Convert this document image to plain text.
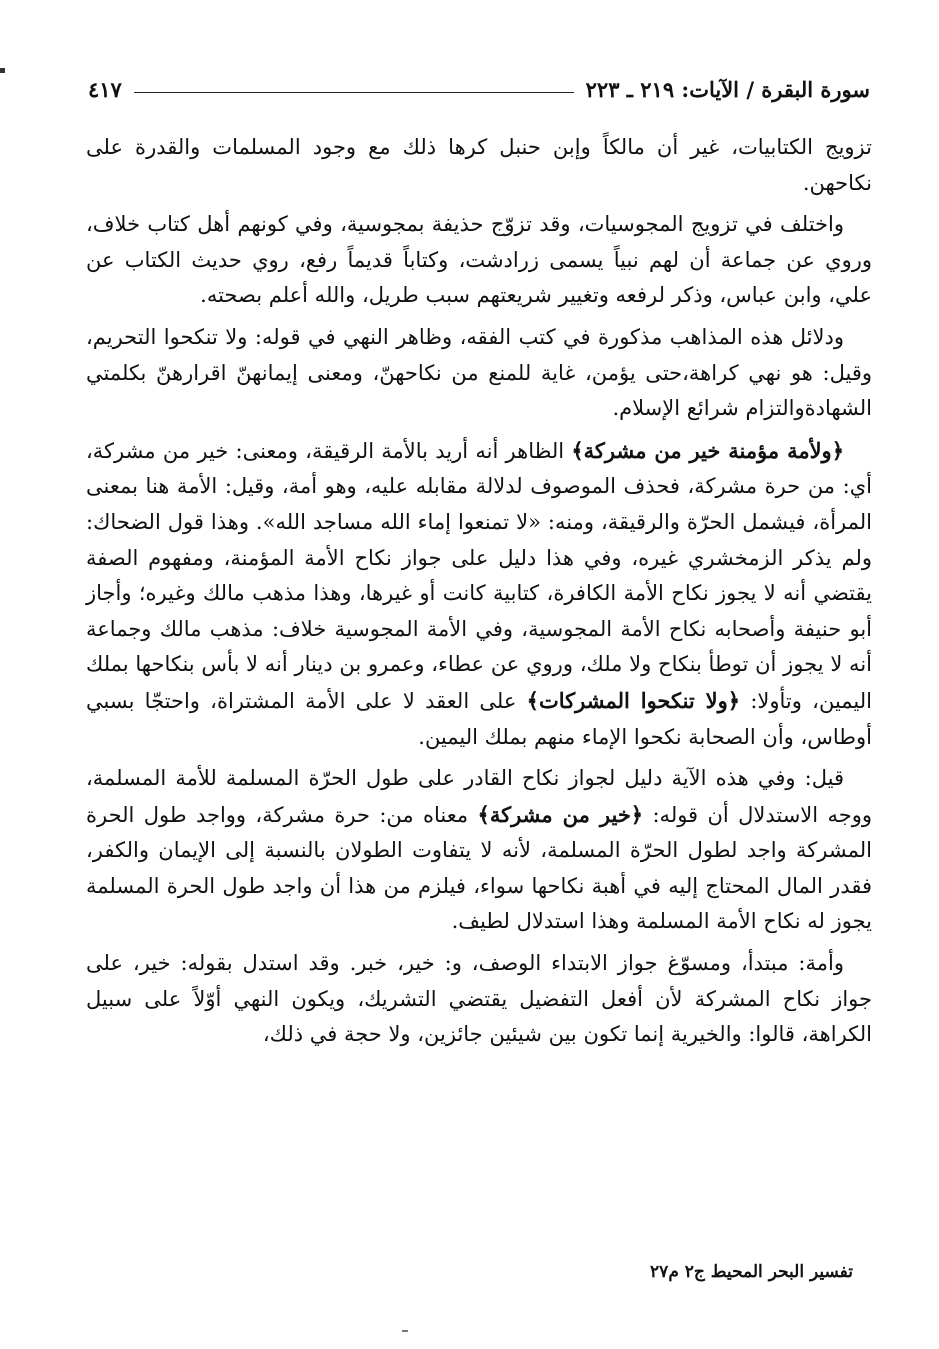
سورة البقرة / الآيات: ٢١٩ ـ ٢٢٣
٤١٧

تزويج الكتابيات، غير أن مالكاً وإبن حنبل كرها ذلك مع وجود المسلمات والقدرة على نكاحهن.

واختلف في تزويج المجوسيات، وقد تزوّج حذيفة بمجوسية، وفي كونهم أهل كتاب خلاف، وروي عن جماعة أن لهم نبياً يسمى زرادشت، وكتاباً قديماً رفع، روي حديث الكتاب عن علي، وابن عباس، وذكر لرفعه وتغيير شريعتهم سبب طريل، والله أعلم بصحته.

ودلائل هذه المذاهب مذكورة في كتب الفقه، وظاهر النهي في قوله: ولا تنكحوا التحريم، وقيل: هو نهي كراهة،حتى يؤمن، غاية للمنع من نكاحهنّ، ومعنى إيمانهنّ اقرارهنّ بكلمتي الشهادةوالتزام شرائع الإسلام.

﴿ولأمة مؤمنة خير من مشركة﴾ الظاهر أنه أريد بالأمة الرقيقة، ومعنى: خير من مشركة، أي: من حرة مشركة، فحذف الموصوف لدلالة مقابله عليه، وهو أمة، وقيل: الأمة هنا بمعنى المرأة، فيشمل الحرّة والرقيقة، ومنه: «لا تمنعوا إماء الله مساجد الله». وهذا قول الضحاك: ولم يذكر الزمخشري غيره، وفي هذا دليل على جواز نكاح الأمة المؤمنة، ومفهوم الصفة يقتضي أنه لا يجوز نكاح الأمة الكافرة، كتابية كانت أو غيرها، وهذا مذهب مالك وغيره؛ وأجاز أبو حنيفة وأصحابه نكاح الأمة المجوسية، وفي الأمة المجوسية خلاف: مذهب مالك وجماعة أنه لا يجوز أن توطأ بنكاح ولا ملك، وروي عن عطاء، وعمرو بن دينار أنه لا بأس بنكاحها بملك اليمين، وتأولا: ﴿ولا تنكحوا المشركات﴾ على العقد لا على الأمة المشتراة، واحتجّا بسبي أوطاس، وأن الصحابة نكحوا الإماء منهم بملك اليمين.

قيل: وفي هذه الآية دليل لجواز نكاح القادر على طول الحرّة المسلمة للأمة المسلمة، ووجه الاستدلال أن قوله: ﴿خير من مشركة﴾ معناه من: حرة مشركة، وواجد طول الحرة المشركة واجد لطول الحرّة المسلمة، لأنه لا يتفاوت الطولان بالنسبة إلى الإيمان والكفر، فقدر المال المحتاج إليه في أهبة نكاحها سواء، فيلزم من هذا أن واجد طول الحرة المسلمة يجوز له نكاح الأمة المسلمة وهذا استدلال لطيف.

وأمة: مبتدأ، ومسوّغ جواز الابتداء الوصف، و: خير، خبر. وقد استدل بقوله: خير، على جواز نكاح المشركة لأن أفعل التفضيل يقتضي التشريك، ويكون النهي أوّلاً على سبيل الكراهة، قالوا: والخيرية إنما تكون بين شيئين جائزين، ولا حجة في ذلك،

تفسير البحر المحيط ج٢ م٢٧
